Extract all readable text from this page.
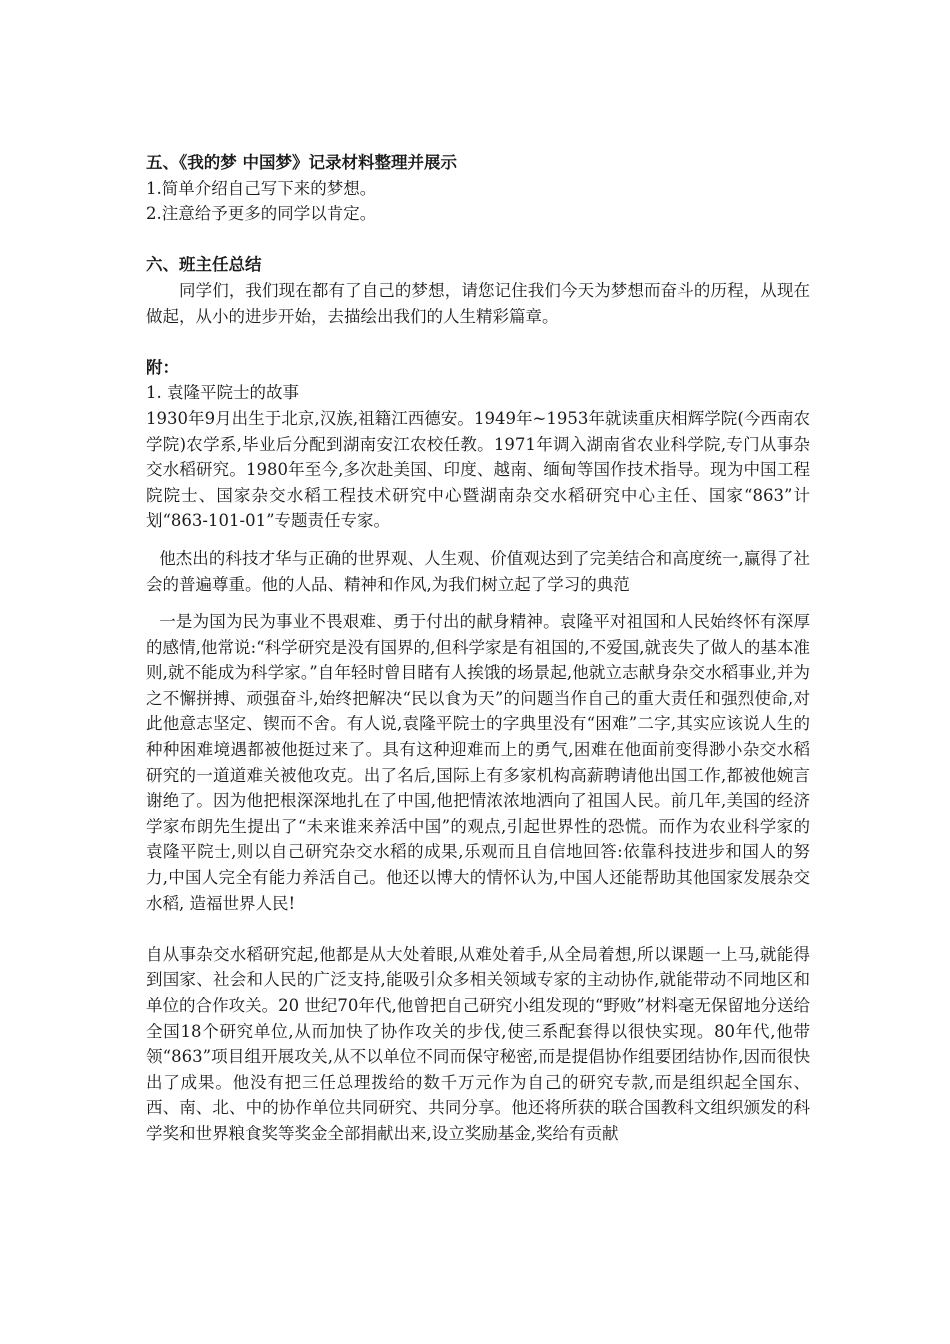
五、《我的梦 中国梦》记录材料整理并展示

1.简单介绍自己写下来的梦想。

2.注意给予更多的同学以肯定。

六、班主任总结

同学们，我们现在都有了自己的梦想，请您记住我们今天为梦想而奋斗的历程，从现在做起，从小的进步开始，去描绘出我们的人生精彩篇章。

附：

1. 袁隆平院士的故事

1930年9月出生于北京,汉族,祖籍江西德安。1949年~1953年就读重庆相辉学院(今西南农学院)农学系,毕业后分配到湖南安江农校任教。1971年调入湖南省农业科学院,专门从事杂交水稻研究。1980年至今,多次赴美国、印度、越南、缅甸等国作技术指导。现为中国工程院院士、国家杂交水稻工程技术研究中心暨湖南杂交水稻研究中心主任、国家“863”计划“863-101-01”专题责任专家。

他杰出的科技才华与正确的世界观、人生观、价值观达到了完美结合和高度统一,赢得了社会的普遍尊重。他的人品、精神和作风,为我们树立起了学习的典范

一是为国为民为事业不畏艰难、勇于付出的献身精神。袁隆平对祖国和人民始终怀有深厚的感情,他常说:“科学研究是没有国界的,但科学家是有祖国的,不爱国,就丧失了做人的基本准则,就不能成为科学家。”自年轻时曾目睹有人挨饿的场景起,他就立志献身杂交水稻事业,并为之不懈拼搏、顽强奋斗,始终把解决“民以食为天”的问题当作自己的重大责任和强烈使命,对此他意志坚定、锲而不舍。有人说,袁隆平院士的字典里没有“困难”二字,其实应该说人生的种种困难境遇都被他挺过来了。具有这种迎难而上的勇气,困难在他面前变得渺小杂交水稻研究的一道道难关被他攻克。出了名后,国际上有多家机构高薪聘请他出国工作,都被他婉言谢绝了。因为他把根深深地扎在了中国,他把情浓浓地洒向了祖国人民。前几年,美国的经济学家布朗先生提出了“未来谁来养活中国”的观点,引起世界性的恐慌。而作为农业科学家的袁隆平院士,则以自己研究杂交水稻的成果,乐观而且自信地回答:依靠科技进步和国人的努力,中国人完全有能力养活自己。他还以博大的情怀认为,中国人还能帮助其他国家发展杂交水稻, 造福世界人民!

自从事杂交水稻研究起,他都是从大处着眼,从难处着手,从全局着想,所以课题一上马,就能得到国家、社会和人民的广泛支持,能吸引众多相关领域专家的主动协作,就能带动不同地区和单位的合作攻关。20 世纪70年代,他曾把自己研究小组发现的“野败”材料毫无保留地分送给全国18个研究单位,从而加快了协作攻关的步伐,使三系配套得以很快实现。80年代,他带领“863”项目组开展攻关,从不以单位不同而保守秘密,而是提倡协作组要团结协作,因而很快出了成果。他没有把三任总理拨给的数千万元作为自己的研究专款,而是组织起全国东、西、南、北、中的协作单位共同研究、共同分享。他还将所获的联合国教科文组织颁发的科学奖和世界粮食奖等奖金全部捐献出来,设立奖励基金,奖给有贡献
